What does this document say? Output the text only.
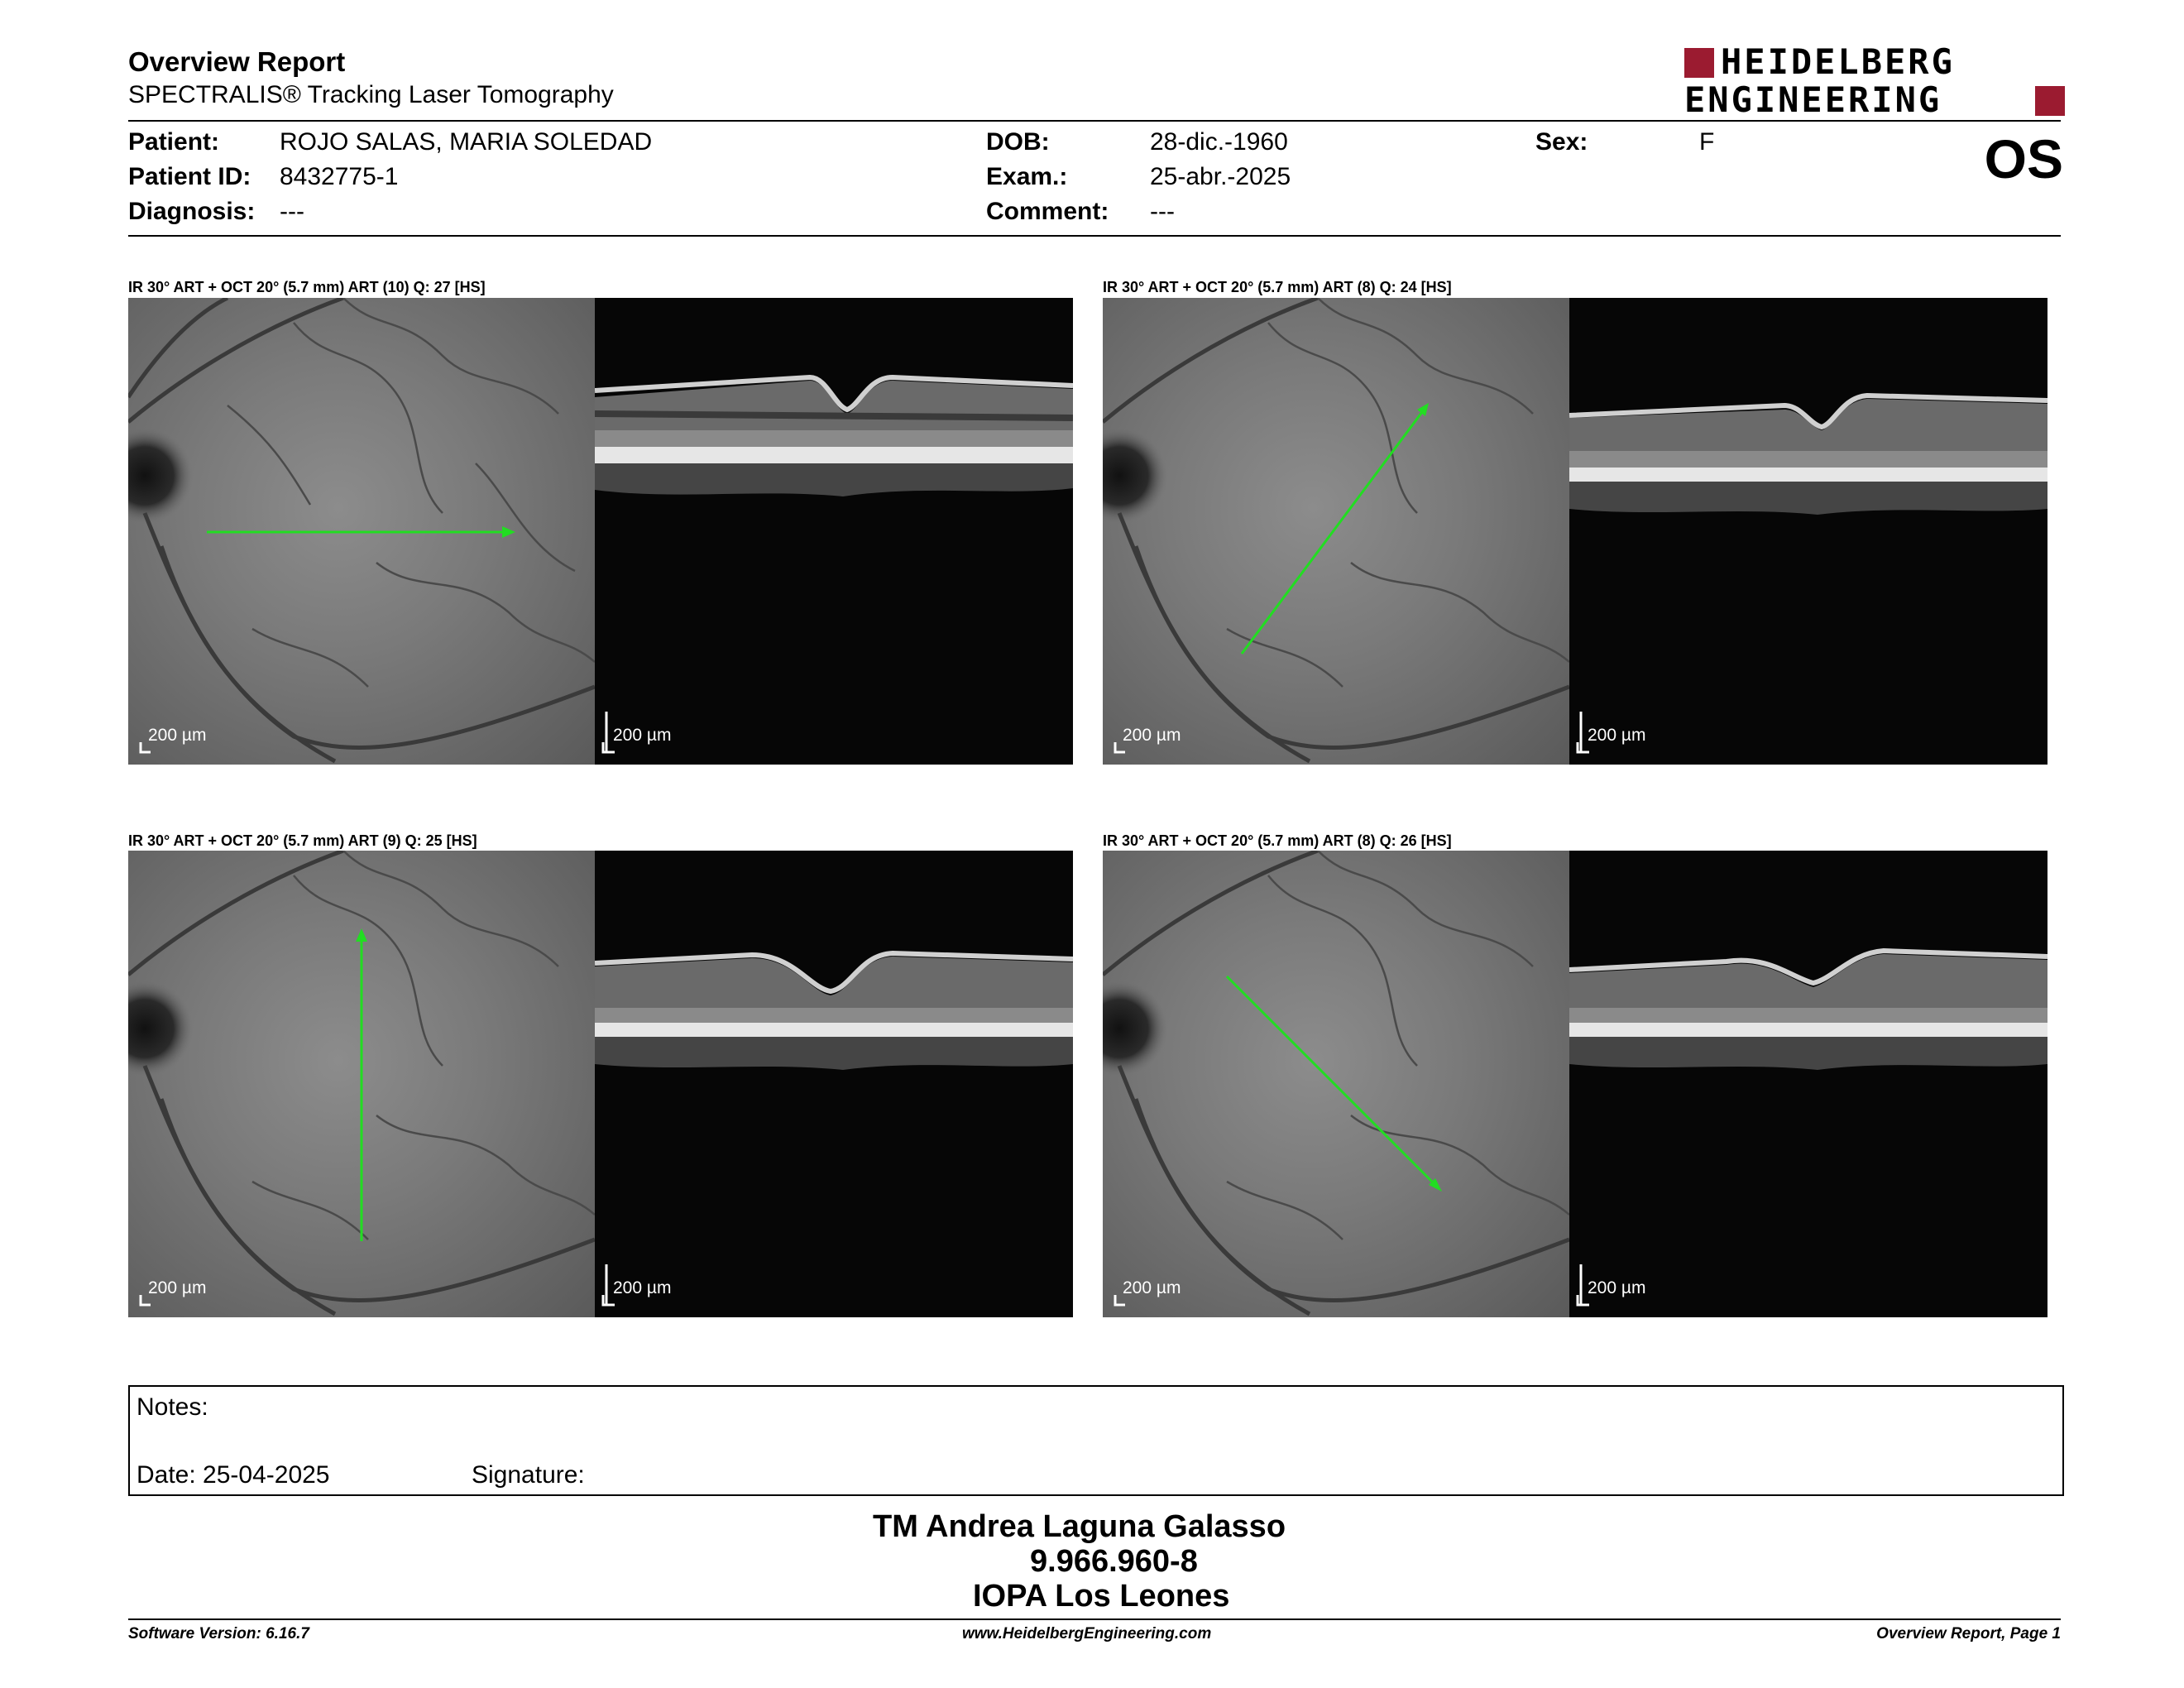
Overview Report
SPECTRALIS® Tracking Laser Tomography
HEIDELBERG
ENGINEERING
Patient: ROJO SALAS, MARIA SOLEDAD
Patient ID: 8432775-1
Diagnosis: ---
DOB:	28-dic.-1960
Exam.:	25-abr.-2025
Comment: ---
Sex:	F	OS
IR 30° ART + OCT 20° (5.7 mm) ART (10) Q: 27 [HS]
200 µm	200 µm
IR 30° ART + OCT 20° (5.7 mm) ART (8) Q: 24 [HS]
200 µm	200 µm
IR 30° ART + OCT 20° (5.7 mm) ART (9) Q: 25 [HS]
200 µm	200 µm
IR 30° ART + OCT 20° (5.7 mm) ART (8) Q: 26 [HS]
200 µm	200 µm
Notes:
Date: 25-04-2025	Signature:
TM Andrea Laguna Galasso
9.966.960-8
IOPA Los Leones
Software Version: 6.16.7	www.HeidelbergEngineering.com	Overview Report, Page 1
